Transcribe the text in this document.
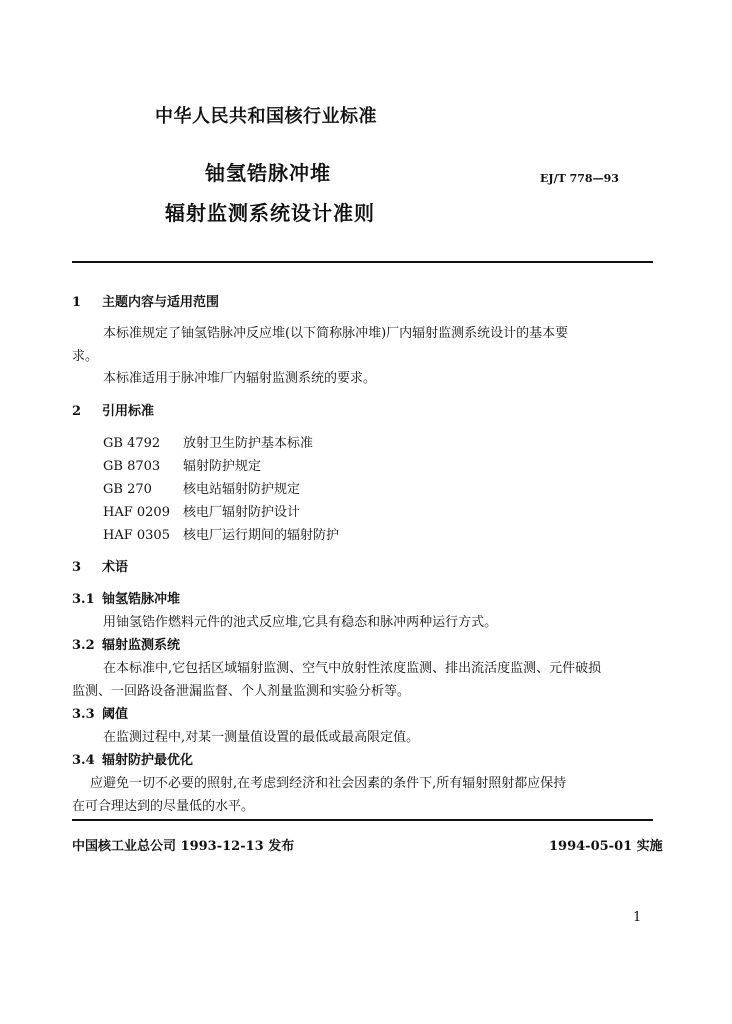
中华人民共和国核行业标准
铀氢锆脉冲堆
辐射监测系统设计准则
EJ/T 778—93
1 主题内容与适用范围
本标准规定了铀氢锆脉冲反应堆(以下简称脉冲堆)厂内辐射监测系统设计的基本要
求。
本标准适用于脉冲堆厂内辐射监测系统的要求。
2 引用标准
GB 4792 放射卫生防护基本标准
GB 8703 辐射防护规定
GB 270 核电站辐射防护规定
HAF 0209 核电厂辐射防护设计
HAF 0305 核电厂运行期间的辐射防护
3 术语
3.1 铀氢锆脉冲堆
用铀氢锆作燃料元件的池式反应堆,它具有稳态和脉冲两种运行方式。
3.2 辐射监测系统
在本标准中,它包括区域辐射监测、空气中放射性浓度监测、排出流活度监测、元件破损
监测、一回路设备泄漏监督、个人剂量监测和实验分析等。
3.3 阈值
在监测过程中,对某一测量值设置的最低或最高限定值。
3.4 辐射防护最优化
应避免一切不必要的照射,在考虑到经济和社会因素的条件下,所有辐射照射都应保持
在可合理达到的尽量低的水平。
中国核工业总公司 1993-12-13 发布	1994-05-01 实施
1
